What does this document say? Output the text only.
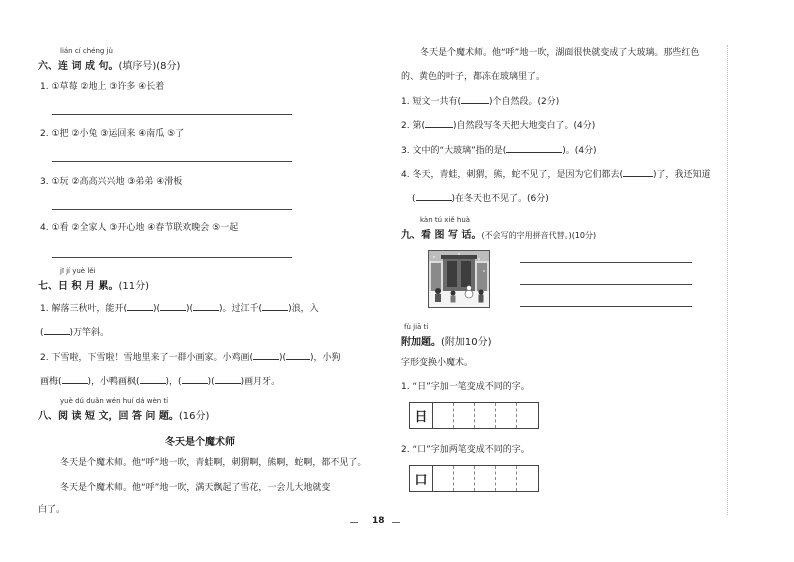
lián cí chéng jù
六、连 词 成 句。(填序号)(8分)
1. ①草莓 ②地上 ③许多 ④长着
2. ①把 ②小兔 ③运回来 ④南瓜 ⑤了
3. ①玩 ②高高兴兴地 ③弟弟 ④滑板
4. ①看 ②全家人 ③开心地 ④春节联欢晚会 ⑤一起
jī jí yuè lěi
七、日 积 月 累。(11分)
1. 解落三秋叶，能开(	)(	)(	)。过江千(	)浪，入
(	)万竿斜。
2. 下雪啦，下雪啦！雪地里来了一群小画家。小鸡画(	)(	)，小狗
画梅(	)，小鸭画枫(	)，(	)(	)画月牙。
yuè dú duǎn wén huí dá wèn tí
八、阅 读 短 文，回 答 问 题。(16分)
冬天是个魔术师
冬天是个魔术师。他“呼”地一吹，青蛙啊，刺猬啊，熊啊，蛇啊，都不见了。
冬天是个魔术师。他“呼”地一吹，满天飘起了雪花，一会儿大地就变
白了。
冬天是个魔术师。他“呼”地一吹，湖面很快就变成了大玻璃。那些红色
的、黄色的叶子，都冻在玻璃里了。
1. 短文一共有(	)个自然段。(2分)
2. 第(	)自然段写冬天把大地变白了。(4分)
3. 文中的“大玻璃”指的是(	)。(4分)
4. 冬天，青蛙，刺猬，熊，蛇不见了，是因为它们都去(	)了，我还知道
(	)在冬天也不见了。(6分)
kàn tú xiě huà
九、看 图 写 话。(不会写的字用拼音代替。)(10分)
fù jiā tí
附加题。(附加10分)
字形变换小魔术。
1. “日”字加一笔变成不同的字。
日
2. “口”字加两笔变成不同的字。
口
18
